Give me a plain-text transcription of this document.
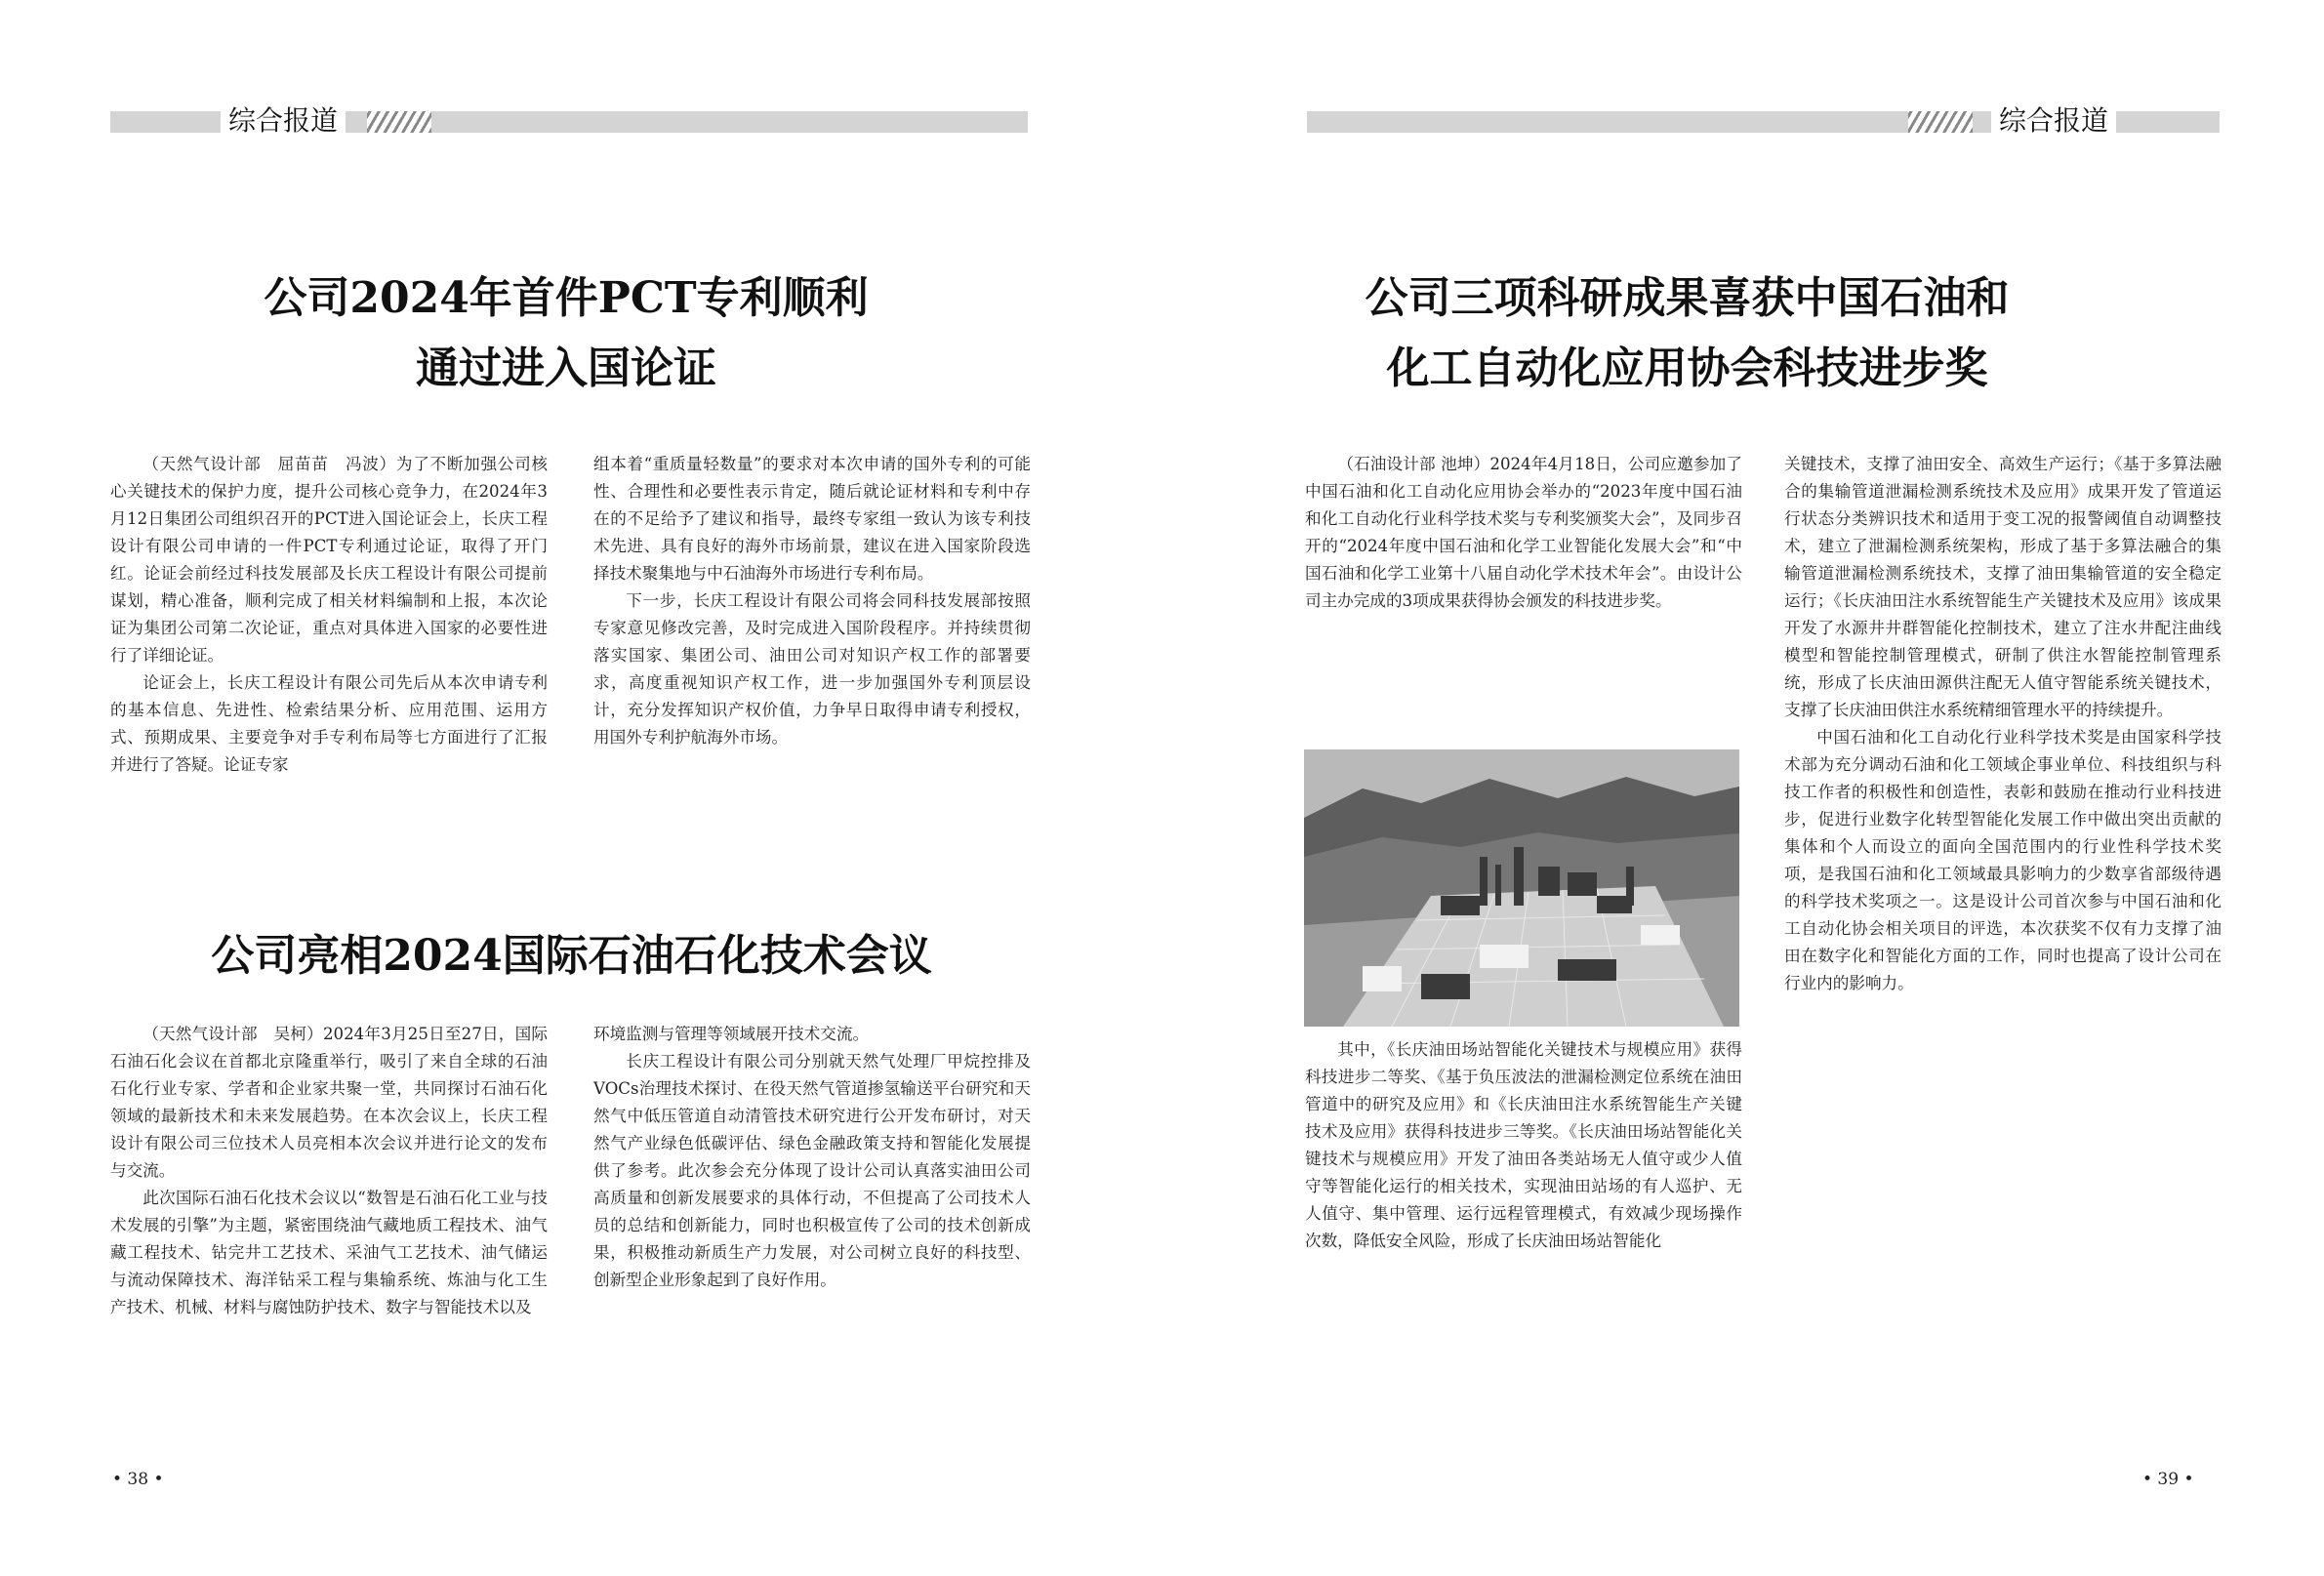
综合报道
公司2024年首件PCT专利顺利
通过进入国论证

（天然气设计部　屈苗苗　冯波）为了不断加强公司核心关键技术的保护力度，提升公司核心竞争力，在2024年3月12日集团公司组织召开的PCT进入国论证会上，长庆工程设计有限公司申请的一件PCT专利通过论证，取得了开门红。论证会前经过科技发展部及长庆工程设计有限公司提前谋划，精心准备，顺利完成了相关材料编制和上报，本次论证为集团公司第二次论证，重点对具体进入国家的必要性进行了详细论证。

论证会上，长庆工程设计有限公司先后从本次申请专利的基本信息、先进性、检索结果分析、应用范围、运用方式、预期成果、主要竞争对手专利布局等七方面进行了汇报并进行了答疑。论证专家

组本着“重质量轻数量”的要求对本次申请的国外专利的可能性、合理性和必要性表示肯定，随后就论证材料和专利中存在的不足给予了建议和指导，最终专家组一致认为该专利技术先进、具有良好的海外市场前景，建议在进入国家阶段选择技术聚集地与中石油海外市场进行专利布局。

下一步，长庆工程设计有限公司将会同科技发展部按照专家意见修改完善，及时完成进入国阶段程序。并持续贯彻落实国家、集团公司、油田公司对知识产权工作的部署要求，高度重视知识产权工作，进一步加强国外专利顶层设计，充分发挥知识产权价值，力争早日取得申请专利授权，用国外专利护航海外市场。

公司亮相2024国际石油石化技术会议

（天然气设计部　吴柯）2024年3月25日至27日，国际石油石化会议在首都北京隆重举行，吸引了来自全球的石油石化行业专家、学者和企业家共聚一堂，共同探讨石油石化领域的最新技术和未来发展趋势。在本次会议上，长庆工程设计有限公司三位技术人员亮相本次会议并进行论文的发布与交流。

此次国际石油石化技术会议以“数智是石油石化工业与技术发展的引擎”为主题，紧密围绕油气藏地质工程技术、油气藏工程技术、钻完井工艺技术、采油气工艺技术、油气储运与流动保障技术、海洋钻采工程与集输系统、炼油与化工生产技术、机械、材料与腐蚀防护技术、数字与智能技术以及

环境监测与管理等领域展开技术交流。

长庆工程设计有限公司分别就天然气处理厂甲烷控排及VOCs治理技术探讨、在役天然气管道掺氢输送平台研究和天然气中低压管道自动清管技术研究进行公开发布研讨，对天然气产业绿色低碳评估、绿色金融政策支持和智能化发展提供了参考。此次参会充分体现了设计公司认真落实油田公司高质量和创新发展要求的具体行动，不但提高了公司技术人员的总结和创新能力，同时也积极宣传了公司的技术创新成果，积极推动新质生产力发展，对公司树立良好的科技型、创新型企业形象起到了良好作用。

• 38 •
综合报道
公司三项科研成果喜获中国石油和
化工自动化应用协会科技进步奖

（石油设计部 池坤）2024年4月18日，公司应邀参加了中国石油和化工自动化应用协会举办的“2023年度中国石油和化工自动化行业科学技术奖与专利奖颁奖大会”，及同步召开的“2024年度中国石油和化学工业智能化发展大会”和“中国石油和化学工业第十八届自动化学术技术年会”。由设计公司主办完成的3项成果获得协会颁发的科技进步奖。

其中，《长庆油田场站智能化关键技术与规模应用》获得科技进步二等奖、《基于负压波法的泄漏检测定位系统在油田管道中的研究及应用》和《长庆油田注水系统智能生产关键技术及应用》获得科技进步三等奖。《长庆油田场站智能化关键技术与规模应用》开发了油田各类站场无人值守或少人值守等智能化运行的相关技术，实现油田站场的有人巡护、无人值守、集中管理、运行远程管理模式，有效减少现场操作次数，降低安全风险，形成了长庆油田场站智能化

关键技术，支撑了油田安全、高效生产运行；《基于多算法融合的集输管道泄漏检测系统技术及应用》成果开发了管道运行状态分类辨识技术和适用于变工况的报警阈值自动调整技术，建立了泄漏检测系统架构，形成了基于多算法融合的集输管道泄漏检测系统技术，支撑了油田集输管道的安全稳定运行；《长庆油田注水系统智能生产关键技术及应用》该成果开发了水源井井群智能化控制技术，建立了注水井配注曲线模型和智能控制管理模式，研制了供注水智能控制管理系统，形成了长庆油田源供注配无人值守智能系统关键技术，支撑了长庆油田供注水系统精细管理水平的持续提升。

中国石油和化工自动化行业科学技术奖是由国家科学技术部为充分调动石油和化工领域企事业单位、科技组织与科技工作者的积极性和创造性，表彰和鼓励在推动行业科技进步，促进行业数字化转型智能化发展工作中做出突出贡献的集体和个人而设立的面向全国范围内的行业性科学技术奖项，是我国石油和化工领域最具影响力的少数享省部级待遇的科学技术奖项之一。这是设计公司首次参与中国石油和化工自动化协会相关项目的评选，本次获奖不仅有力支撑了油田在数字化和智能化方面的工作，同时也提高了设计公司在行业内的影响力。

• 39 •
